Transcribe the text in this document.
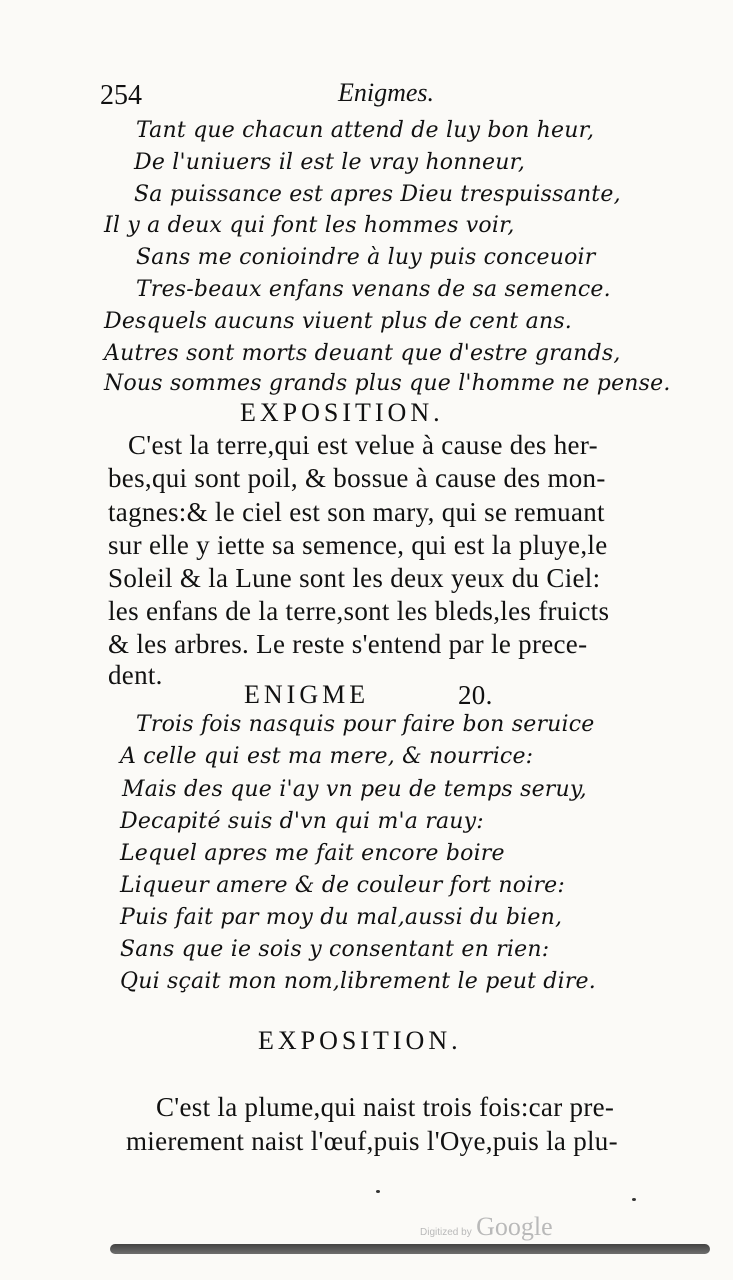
254	Enigmes.
Tant que chacun attend de luy bon heur,
De l'uniuers il est le vray honneur,
Sa puissance est apres Dieu trespuissante,
Il y a deux qui font les hommes voir,
Sans me conioindre à luy puis conceuoir
Tres-beaux enfans venans de sa semence.
Desquels aucuns viuent plus de cent ans.
Autres sont morts deuant que d'estre grands,
Nous sommes grands plus que l'homme ne pense.
EXPOSITION.
C'est la terre,qui est velue à cause des her-
bes,qui sont poil, & bossue à cause des mon-
tagnes:& le ciel est son mary, qui se remuant
sur elle y iette sa semence, qui est la pluye,le
Soleil & la Lune sont les deux yeux du Ciel:
les enfans de la terre,sont les bleds,les fruicts
& les arbres. Le reste s'entend par le prece-
dent.
ENIGME	20.
Trois fois nasquis pour faire bon seruice
A celle qui est ma mere, & nourrice:
Mais des que i'ay vn peu de temps seruy,
Decapité suis d'vn qui m'a rauy:
Lequel apres me fait encore boire
Liqueur amere & de couleur fort noire:
Puis fait par moy du mal,aussi du bien,
Sans que ie sois y consentant en rien:
Qui sçait mon nom,librement le peut dire.
EXPOSITION.
C'est la plume,qui naist trois fois:car pre-
mierement naist l'œuf,puis l'Oye,puis la plu-
Digitized by Google
